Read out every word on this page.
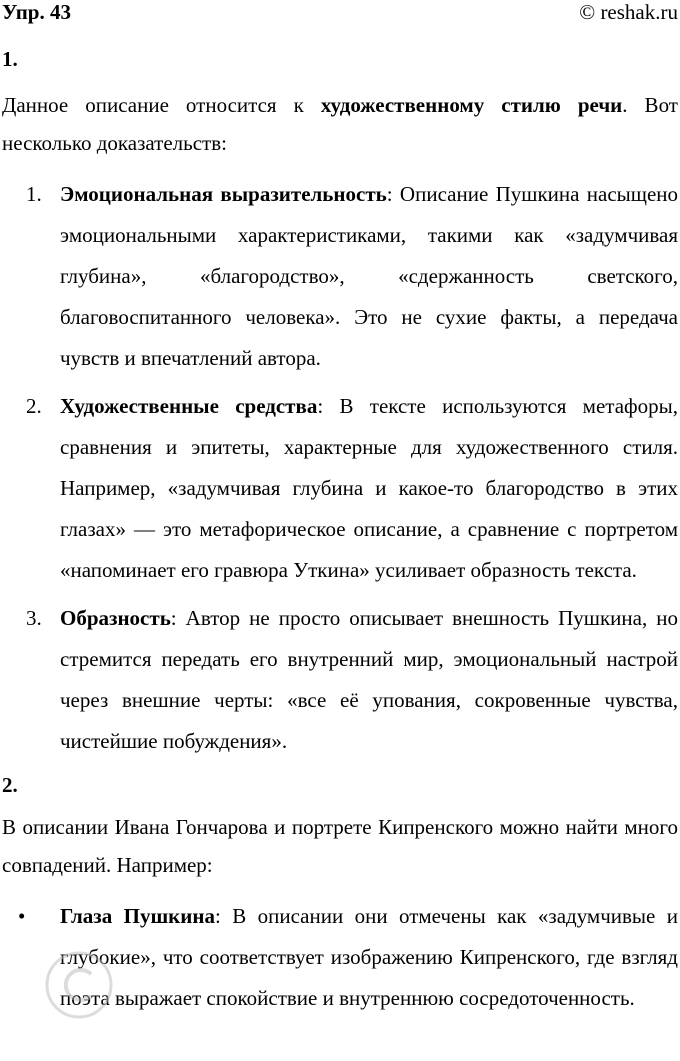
Упр. 43	© reshak.ru
1.
Данное описание относится к художественному стилю речи. Вот несколько доказательств:
1. Эмоциональная выразительность: Описание Пушкина насыщено эмоциональными характеристиками, такими как «задумчивая глубина», «благородство», «сдержанность светского, благовоспитанного человека». Это не сухие факты, а передача чувств и впечатлений автора.
2. Художественные средства: В тексте используются метафоры, сравнения и эпитеты, характерные для художественного стиля. Например, «задумчивая глубина и какое-то благородство в этих глазах» — это метафорическое описание, а сравнение с портретом «напоминает его гравюра Уткина» усиливает образность текста.
3. Образность: Автор не просто описывает внешность Пушкина, но стремится передать его внутренний мир, эмоциональный настрой через внешние черты: «все её упования, сокровенные чувства, чистейшие побуждения».
2.
В описании Ивана Гончарова и портрете Кипренского можно найти много совпадений. Например:
• Глаза Пушкина: В описании они отмечены как «задумчивые и глубокие», что соответствует изображению Кипренского, где взгляд поэта выражает спокойствие и внутреннюю сосредоточенность.
